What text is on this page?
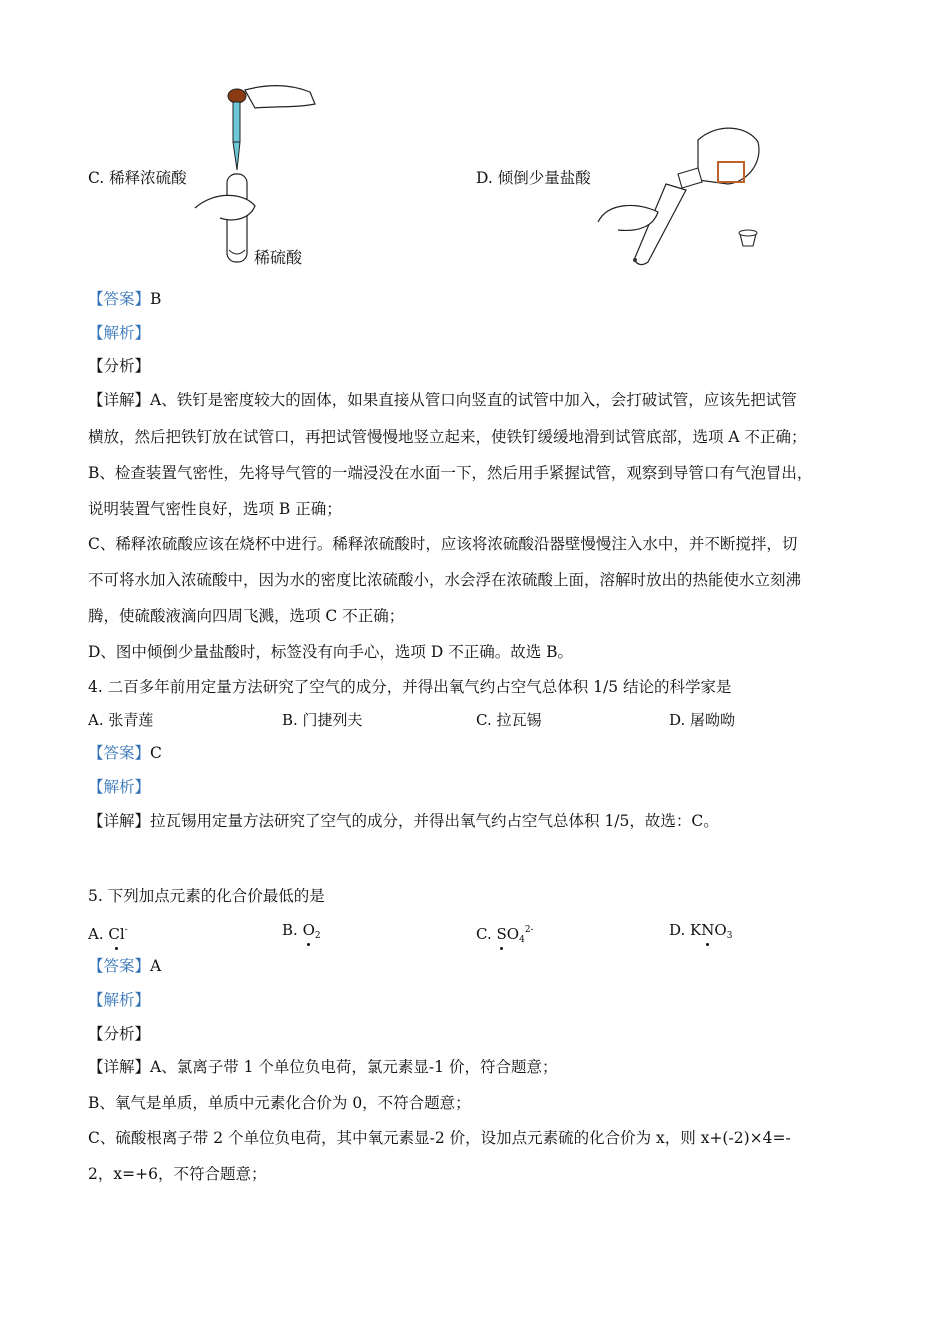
稀硫酸
C. 稀释浓硫酸	D. 倾倒少量盐酸
【答案】B
【解析】
【分析】
【详解】A、铁钉是密度较大的固体，如果直接从管口向竖直的试管中加入，会打破试管，应该先把试管
横放，然后把铁钉放在试管口，再把试管慢慢地竖立起来，使铁钉缓缓地滑到试管底部，选项 A 不正确；
B、检查装置气密性，先将导气管的一端浸没在水面一下，然后用手紧握试管，观察到导管口有气泡冒出，
说明装置气密性良好，选项 B 正确；
C、稀释浓硫酸应该在烧杯中进行。稀释浓硫酸时，应该将浓硫酸沿器壁慢慢注入水中，并不断搅拌，切
不可将水加入浓硫酸中，因为水的密度比浓硫酸小，水会浮在浓硫酸上面，溶解时放出的热能使水立刻沸
腾，使硫酸液滴向四周飞溅，选项 C 不正确；
D、图中倾倒少量盐酸时，标签没有向手心，选项 D 不正确。故选 B。
4. 二百多年前用定量方法研究了空气的成分，并得出氧气约占空气总体积 1/5 结论的科学家是
A. 张青莲	B. 门捷列夫	C. 拉瓦锡	D. 屠呦呦
【答案】C
【解析】
【详解】拉瓦锡用定量方法研究了空气的成分，并得出氧气约占空气总体积 1/5，故选：C。
5. 下列加点元素的化合价最低的是
A. Cl-	B. $O_2$	C. $SO_4^{2-}$	D. $KNO_3$
【答案】A
【解析】
【分析】
【详解】A、氯离子带 1 个单位负电荷，氯元素显-1 价，符合题意；
B、氧气是单质，单质中元素化合价为 0，不符合题意；
C、硫酸根离子带 2 个单位负电荷，其中氧元素显-2 价，设加点元素硫的化合价为 x，则 x+(-2)×4=-
2，x=+6，不符合题意；
